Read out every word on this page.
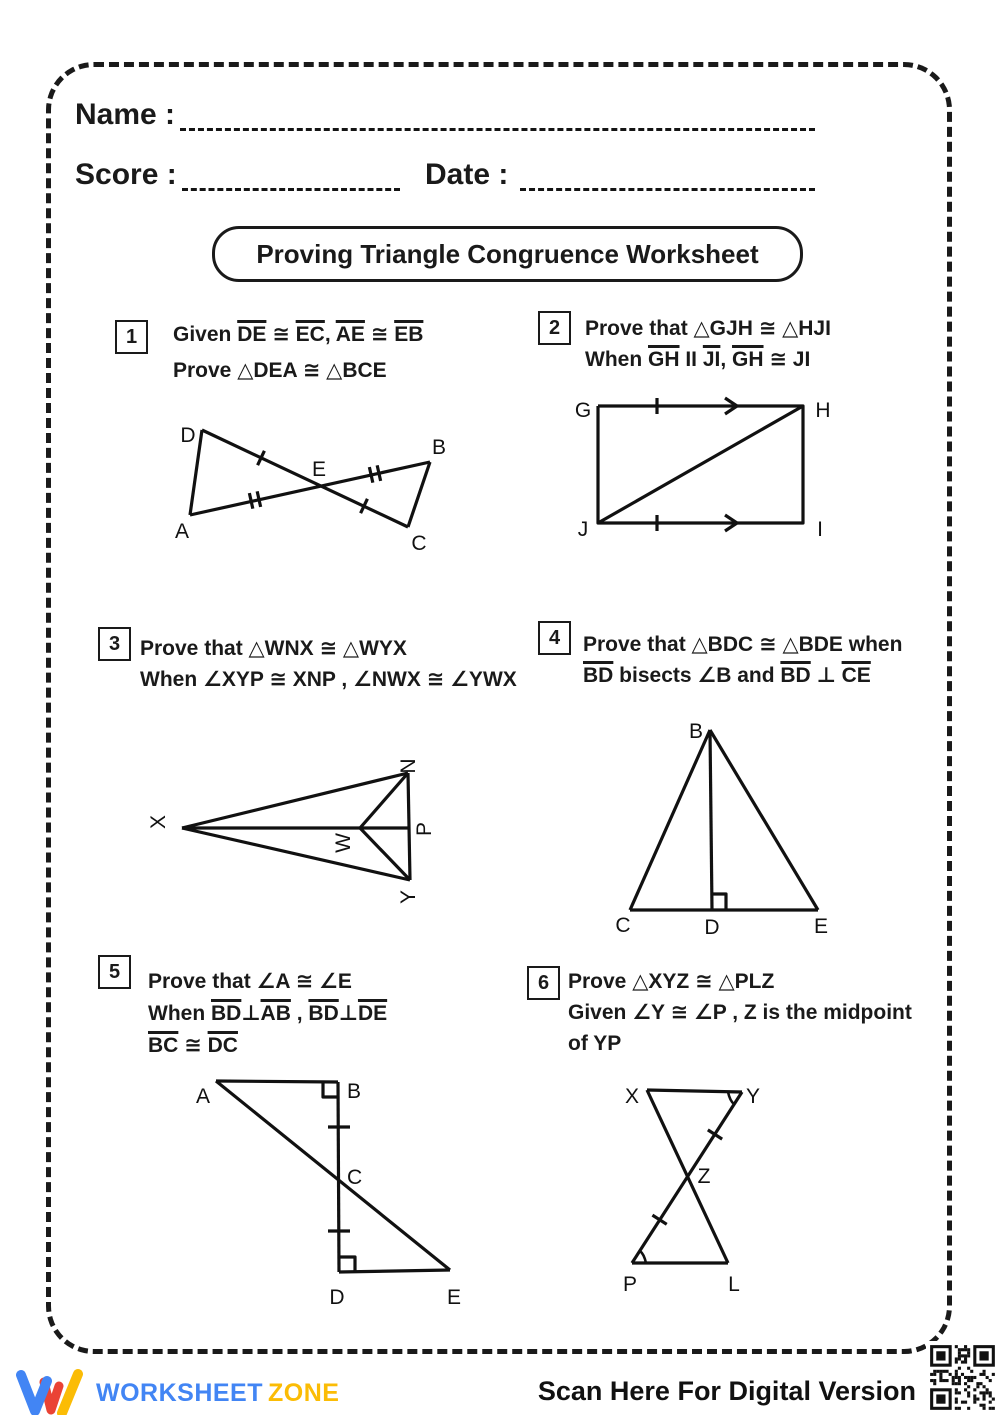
Name :
Score :	Date :
Proving Triangle Congruence Worksheet
1	Given $\overline{DE}$ ≅ $\overline{EC}$, $\overline{AE}$ ≅ $\overline{EB}$
Prove △DEA ≅ △BCE
D
A
E
B
C
2	Prove that △GJH ≅ △HJI
When $\overline{GH}$ II $\overline{JI}$, $\overline{GH}$ ≅ JI
G	H
J	I
3 Prove that △WNX ≅ △WYX
When ∠XYP ≅ XNP , ∠NWX ≅ ∠YWX
X
N
W
P
Y
4	Prove that △BDC ≅ △BDE when
$\overline{BD}$ bisects ∠B and $\overline{BD}$ ⊥ $\overline{CE}$
B
C	D	E
5	Prove that ∠A ≅ ∠E
When $\overline{BD}\perp\overline{AB}$ , $\overline{BD}\perp\overline{DE}$
$\overline{BC}$ ≅ $\overline{DC}$
A	B
C
D	E
6 Prove △XYZ ≅ △PLZ
Given ∠Y ≅ ∠P , Z is the midpoint
of YP
X	Y
Z
P	L
WORKSHEET ZONE	Scan Here For Digital Version
